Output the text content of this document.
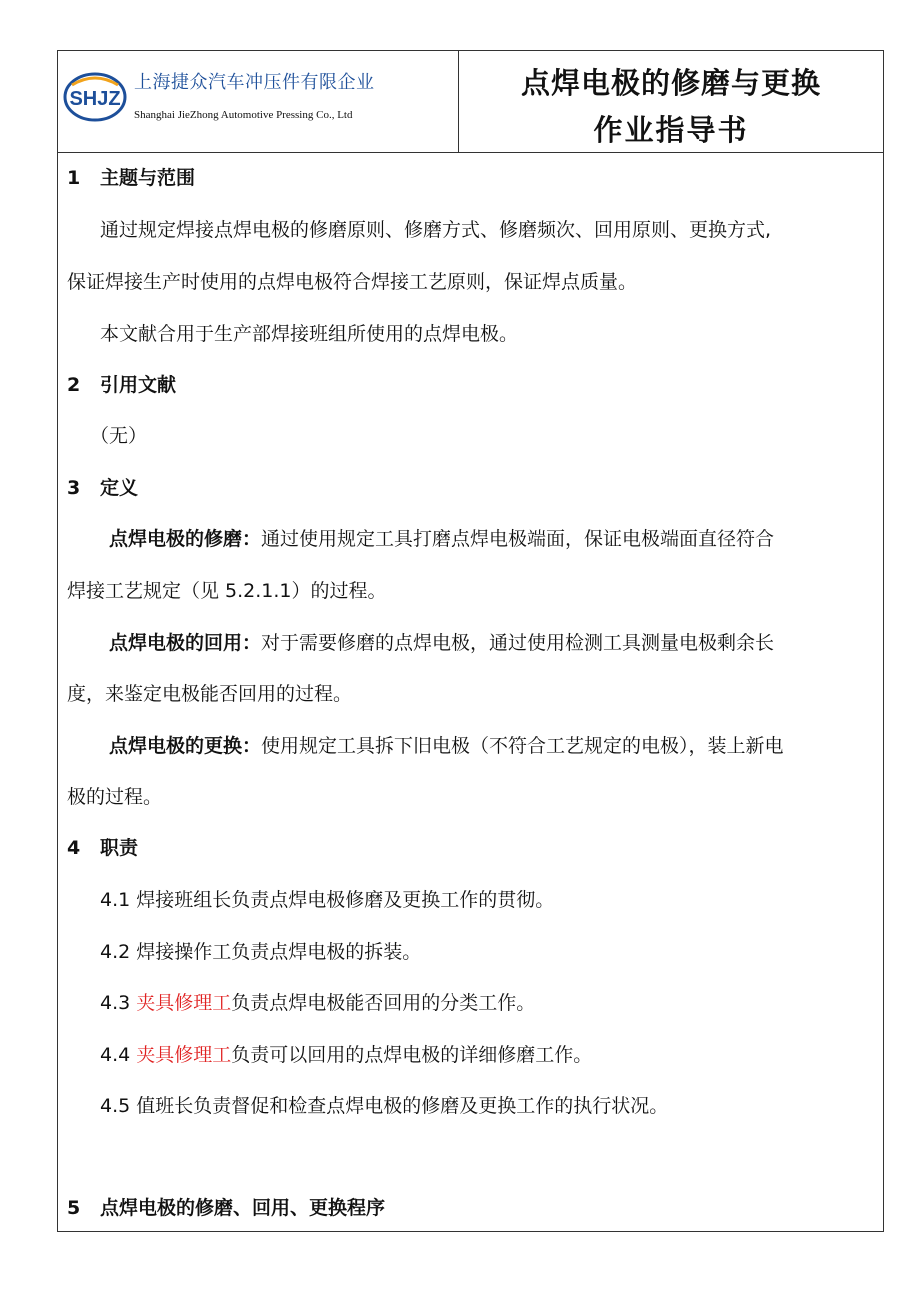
SHJZ
上海捷众汽车冲压件有限企业
Shanghai JieZhong Automotive Pressing Co., Ltd
点焊电极的修磨与更换
作业指导书
1 主题与范围
通过规定焊接点焊电极的修磨原则、修磨方式、修磨频次、回用原则、更换方式,
保证焊接生产时使用的点焊电极符合焊接工艺原则，保证焊点质量。
本文献合用于生产部焊接班组所使用的点焊电极。
2 引用文献
（无）
3 定义
点焊电极的修磨：通过使用规定工具打磨点焊电极端面，保证电极端面直径符合
焊接工艺规定（见 5.2.1.1）的过程。
点焊电极的回用：对于需要修磨的点焊电极，通过使用检测工具测量电极剩余长
度，来鉴定电极能否回用的过程。
点焊电极的更换：使用规定工具拆下旧电极（不符合工艺规定的电极），装上新电
极的过程。
4 职责
4.1 焊接班组长负责点焊电极修磨及更换工作的贯彻。
4.2 焊接操作工负责点焊电极的拆装。
4.3 夹具修理工负责点焊电极能否回用的分类工作。
4.4 夹具修理工负责可以回用的点焊电极的详细修磨工作。
4.5 值班长负责督促和检查点焊电极的修磨及更换工作的执行状况。
5 点焊电极的修磨、回用、更换程序
